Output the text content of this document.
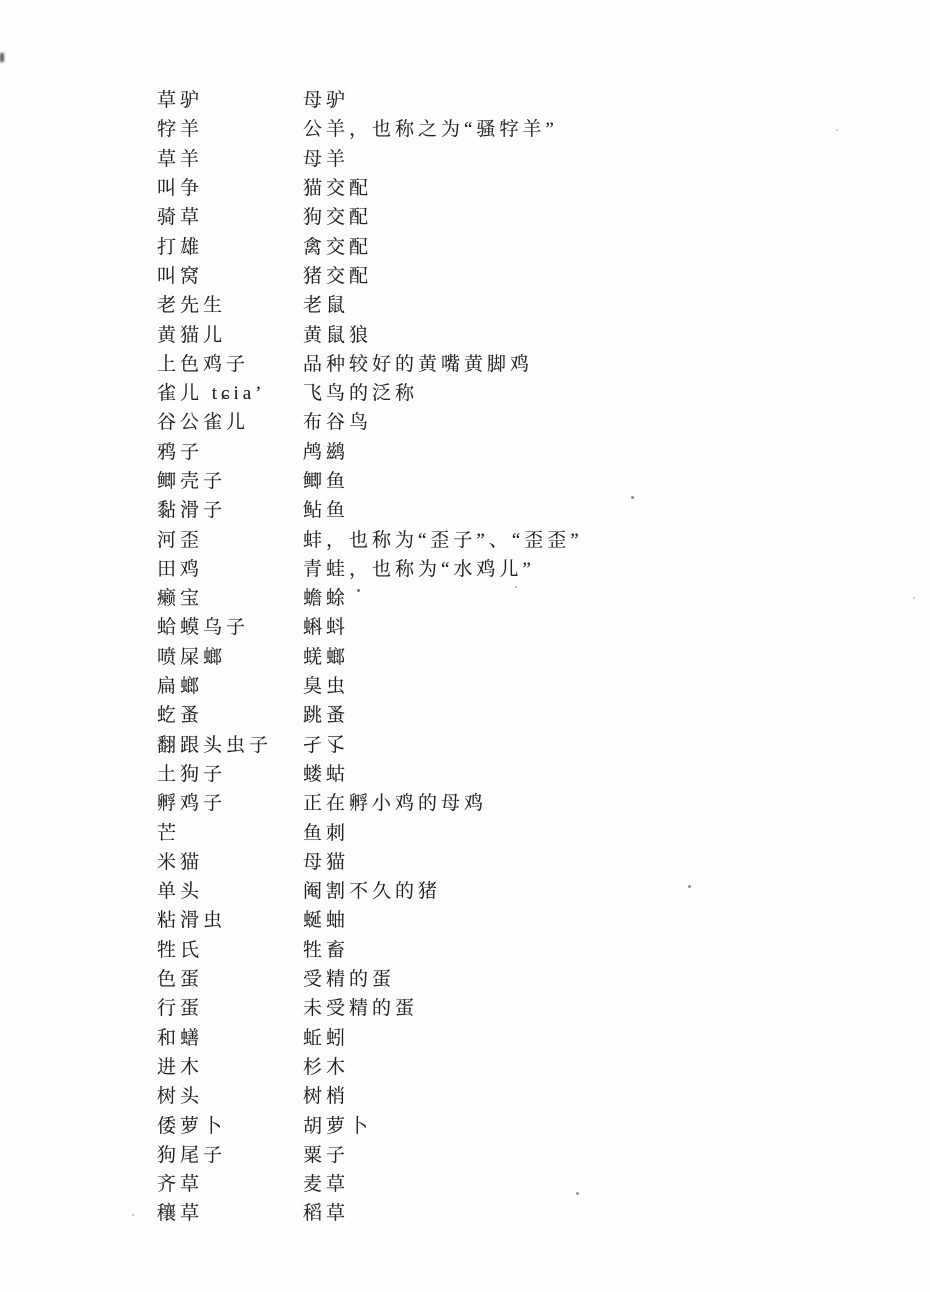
草驴	母驴
牸羊	公羊，也称之为“骚牸羊”
草羊	母羊
叫争	猫交配
骑草	狗交配
打雄	禽交配
叫窝	猪交配
老先生	老鼠
黄猫儿	黄鼠狼
上色鸡子	品种较好的黄嘴黄脚鸡
雀儿 tɕia’	飞鸟的泛称
谷公雀儿	布谷鸟
鸦子	鸬鹚
鲫壳子	鲫鱼
黏滑子	鲇鱼
河歪	蚌，也称为“歪子”、“歪歪”
田鸡	青蛙，也称为“水鸡儿”
癞宝	蟾蜍
蛤蟆乌子	蝌蚪
喷屎螂	蜣螂
扁螂	臭虫
虼蚤	跳蚤
翻跟头虫子	孑孓
土狗子	蝼蛄
孵鸡子	正在孵小鸡的母鸡
芒	鱼刺
米猫	母猫
单头	阉割不久的猪
粘滑虫	蜒蚰
牲氏	牲畜
色蛋	受精的蛋
行蛋	未受精的蛋
和蟮	蚯蚓
进木	杉木
树头	树梢
倭萝卜	胡萝卜
狗尾子	粟子
齐草	麦草
穰草	稻草
